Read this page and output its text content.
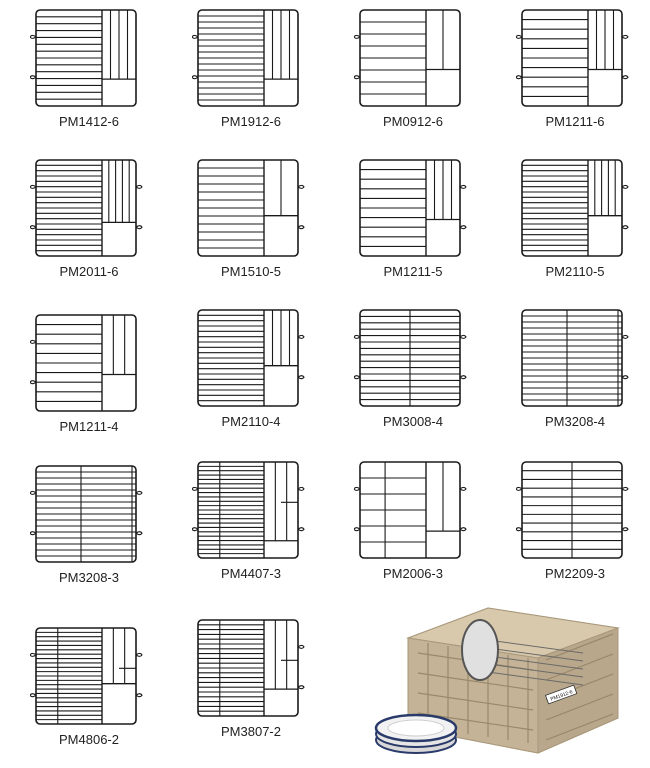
PM1412-6	PM1912-6	PM0912-6	PM1211-6
PM2011-6	PM1510-5	PM1211-5	PM2110-5
PM1211-4	PM2110-4	PM3008-4	PM3208-4
PM3208-3	PM4407-3	PM2006-3	PM2209-3
PM4806-2
PM3807-2
PM1912-6
